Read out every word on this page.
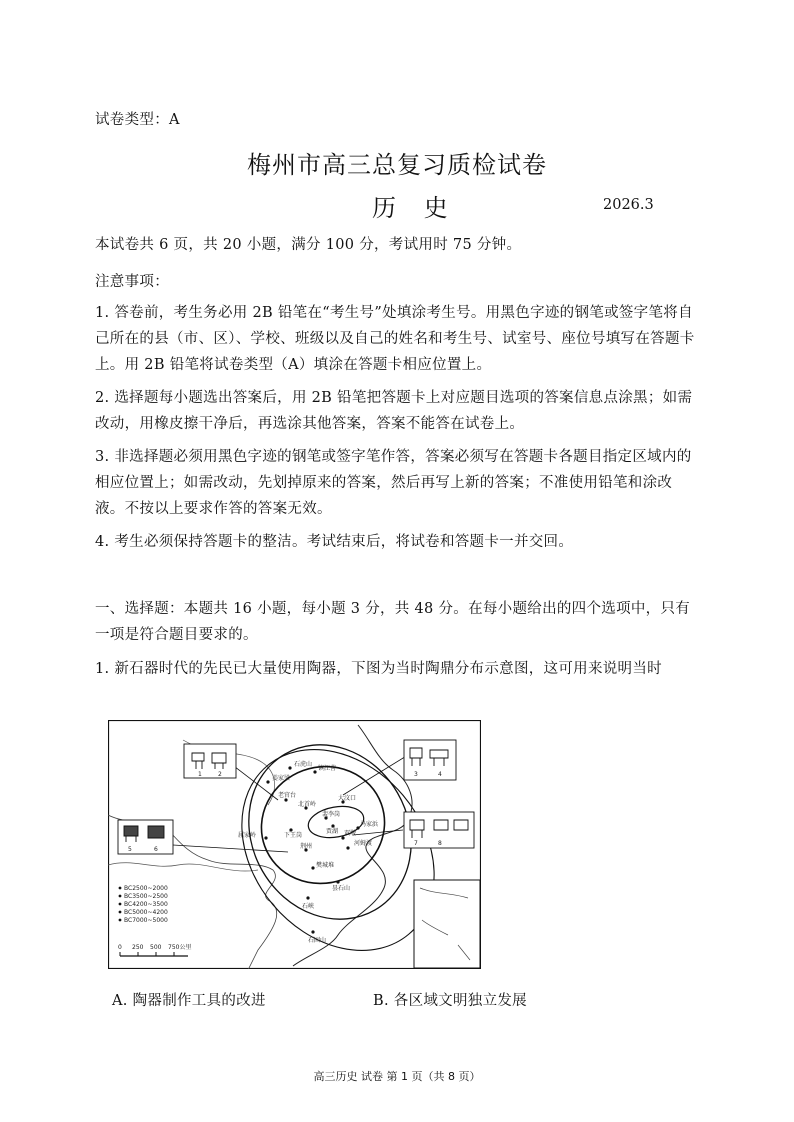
试卷类型：A
梅州市高三总复习质检试卷
历 史	2026.3
本试卷共 6 页，共 20 小题，满分 100 分，考试用时 75 分钟。
注意事项：
1. 答卷前，考生务必用 2B 铅笔在“考生号”处填涂考生号。用黑色字迹的钢笔或签字笔将自己所在的县（市、区）、学校、班级以及自己的姓名和考生号、试室号、座位号填写在答题卡上。用 2B 铅笔将试卷类型（A）填涂在答题卡相应位置上。
2. 选择题每小题选出答案后，用 2B 铅笔把答题卡上对应题目选项的答案信息点涂黑；如需改动，用橡皮擦干净后，再选涂其他答案，答案不能答在试卷上。
3. 非选择题必须用黑色字迹的钢笔或签字笔作答，答案必须写在答题卡各题目指定区域内的相应位置上；如需改动，先划掉原来的答案，然后再写上新的答案；不准使用铅笔和涂改液。不按以上要求作答的答案无效。
4. 考生必须保持答题卡的整洁。考试结束后，将试卷和答题卡一并交回。
一、选择题：本题共 16 小题，每小题 3 分，共 48 分。在每小题给出的四个选项中，只有一项是符合题目要求的。
1. 新石器时代的先民已大量使用陶器，下图为当时陶鼎分布示意图，这可用来说明当时
1	2	3	4
7	8
5	6
石虎山
镇江营
姜家梁
老官台
北首岭
裴李岗
大汶口
贾湖
下王岗	双墩
马家浜
屈家岭
河姆渡
荆州
樊城堆
昙石山
石峡
石固山
BC2500~2000
BC3500~2500
BC4200~3500
BC5000~4200
BC7000~5000
0 250 500 750公里
A. 陶器制作工具的改进	B. 各区域文明独立发展
高三历史 试卷 第 1 页（共 8 页）
